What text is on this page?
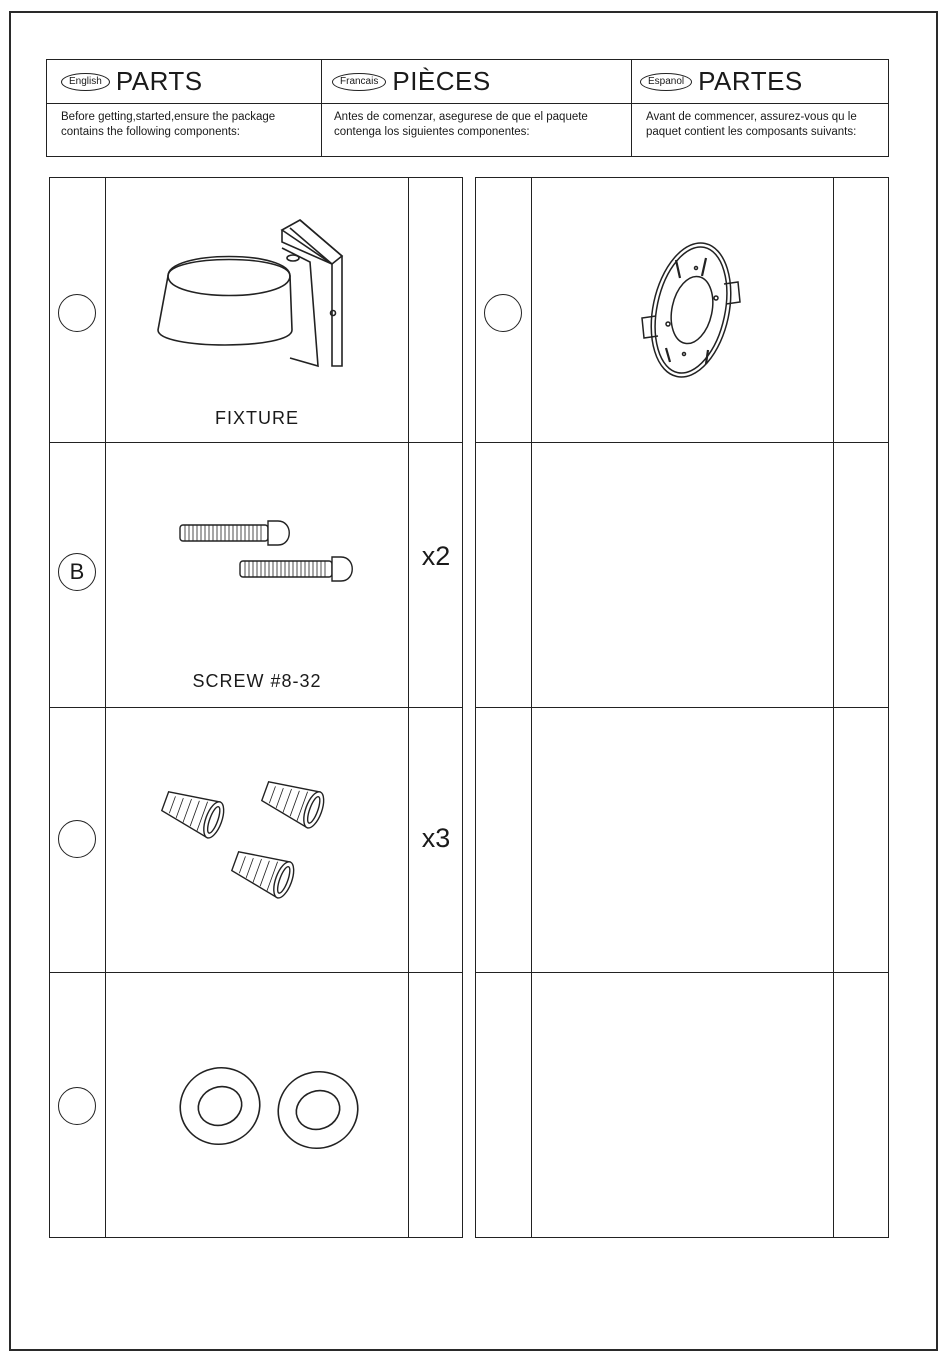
English PARTS
Before getting,started,ensure the package
contains the following components:
Francais PIÈCES
Antes de comenzar, asegurese de que el paquete
contenga los siguientes componentes:
Espanol PARTES
Avant de commencer, assurez-vous qu le
paquet contient les composants suivants:
FIXTURE
B
SCREW #8-32
x2
x3
